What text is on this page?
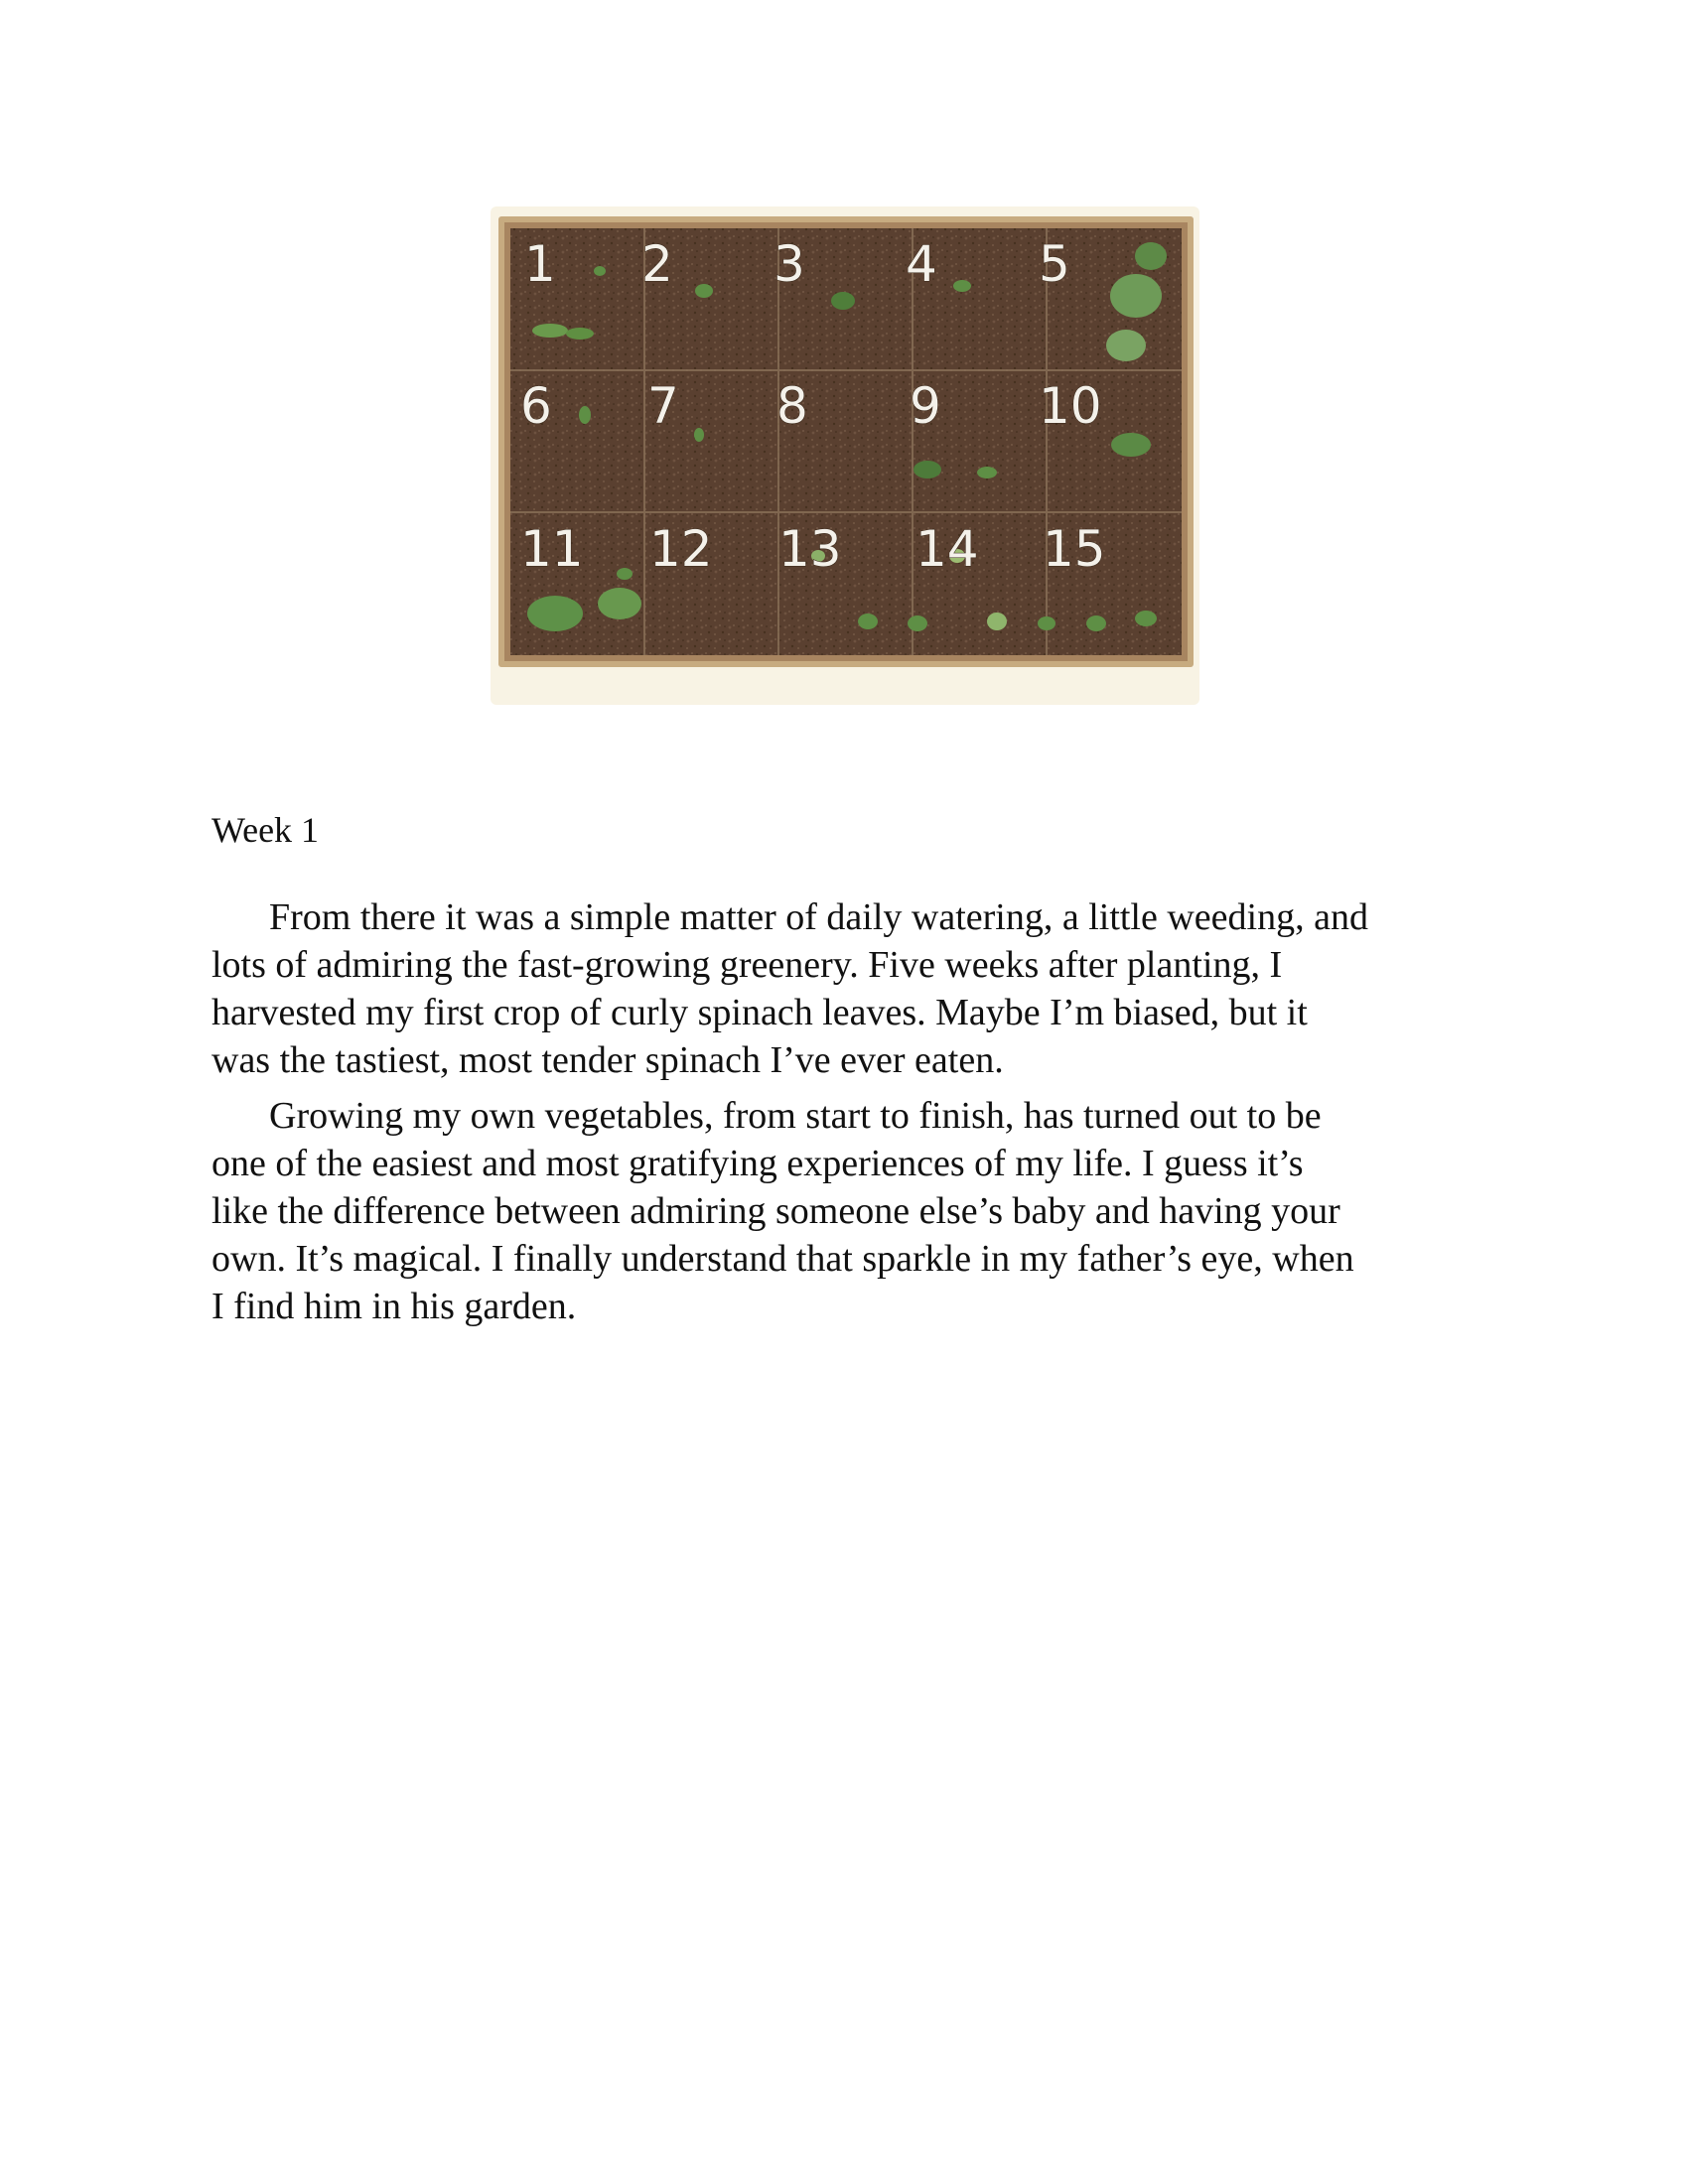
1 2 3 4 5
6 7 8 9 10
11 12 13 14 15

Week 1

From there it was a simple matter of daily watering, a little weeding, and
lots of admiring the fast-growing greenery. Five weeks after planting, I
harvested my first crop of curly spinach leaves. Maybe I’m biased, but it
was the tastiest, most tender spinach I’ve ever eaten.

Growing my own vegetables, from start to finish, has turned out to be
one of the easiest and most gratifying experiences of my life. I guess it’s
like the difference between admiring someone else’s baby and having your
own. It’s magical. I finally understand that sparkle in my father’s eye, when
I find him in his garden.
